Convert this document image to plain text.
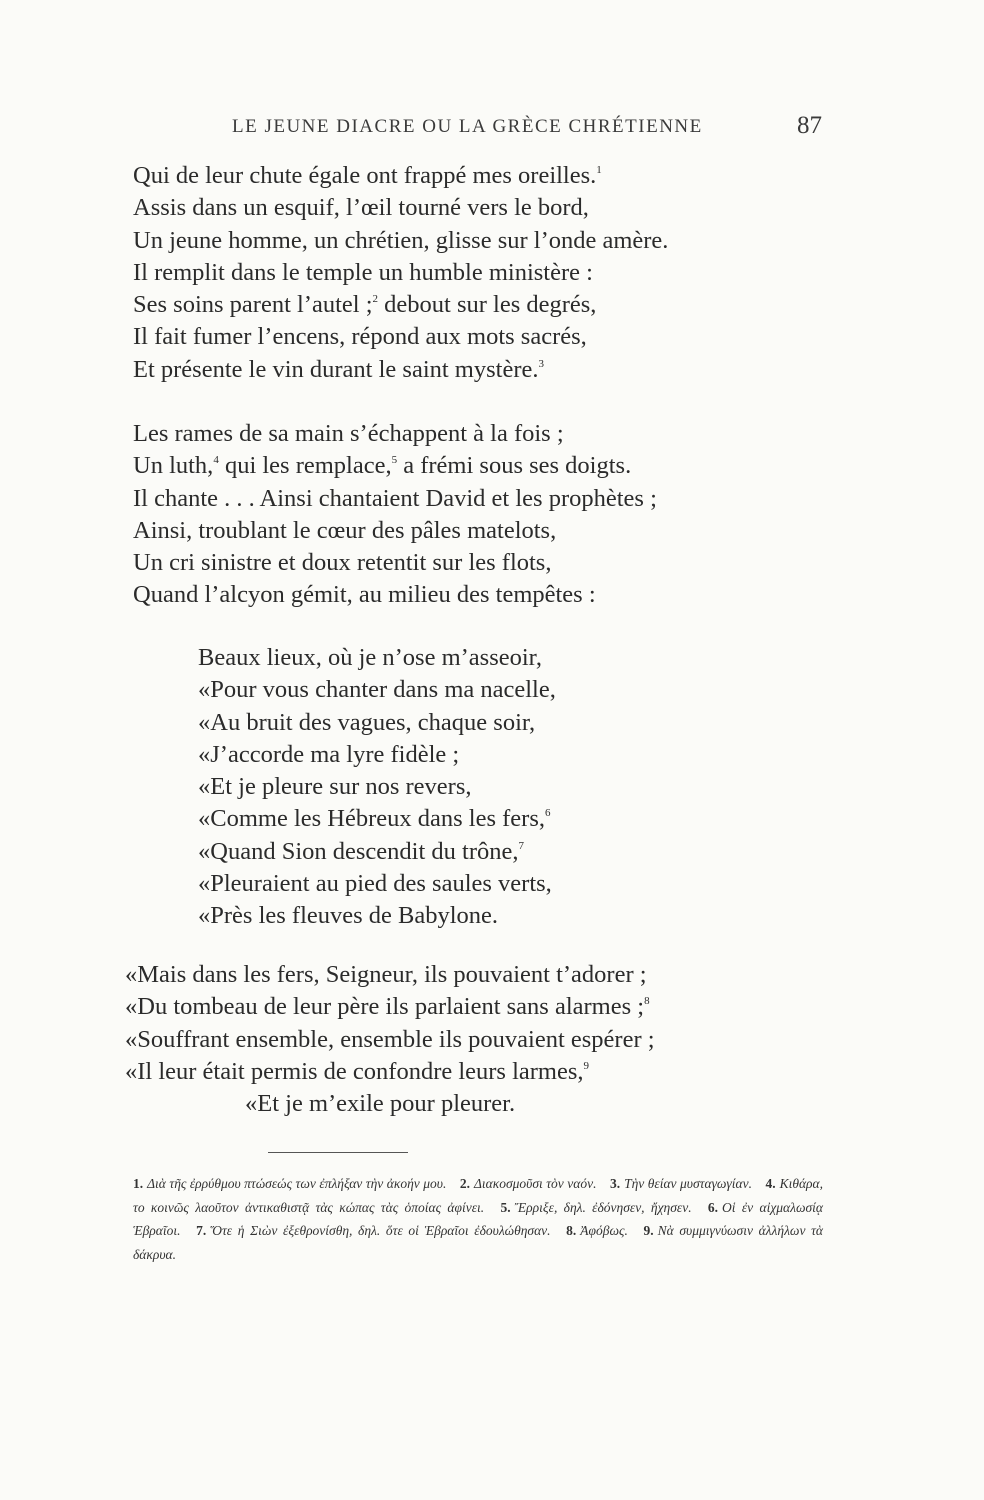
LE JEUNE DIACRE OU LA GRÈCE CHRÉTIENNE	87
Qui de leur chute égale ont frappé mes oreilles.$^1$
Assis dans un esquif, l’œil tourné vers le bord,
Un jeune homme, un chrétien, glisse sur l’onde amère.
Il remplit dans le temple un humble ministère :
Ses soins parent l’autel ;$^2$ debout sur les degrés,
Il fait fumer l’encens, répond aux mots sacrés,
Et présente le vin durant le saint mystère.$^3$
Les rames de sa main s’échappent à la fois ;
Un luth,$^4$ qui les remplace,$^5$ a frémi sous ses doigts.
Il chante . . . Ainsi chantaient David et les prophètes ;
Ainsi, troublant le cœur des pâles matelots,
Un cri sinistre et doux retentit sur les flots,
Quand l’alcyon gémit, au milieu des tempêtes :
Beaux lieux, où je n’ose m’asseoir,
«Pour vous chanter dans ma nacelle,
«Au bruit des vagues, chaque soir,
«J’accorde ma lyre fidèle ;
«Et je pleure sur nos revers,
«Comme les Hébreux dans les fers,$^6$
«Quand Sion descendit du trône,$^7$
«Pleuraient au pied des saules verts,
«Près les fleuves de Babylone.
«Mais dans les fers, Seigneur, ils pouvaient t’adorer ;
«Du tombeau de leur père ils parlaient sans alarmes ;$^8$
«Souffrant ensemble, ensemble ils pouvaient espérer ;
«Il leur était permis de confondre leurs larmes,$^9$
«Et je m’exile pour pleurer.
1. Διὰ τῆς ἐρρύθμου πτώσεώς των ἐπλήξαν τὴν ἀκοήν μου. 2. Διακοσμοῦσι τὸν ναόν. 3. Τὴν θείαν μυσταγωγίαν. 4. Κιθάρα, το κοινῶς λαοῦτον ἀντικαθιστᾷ τὰς κώπας τὰς ὁποίας ἀφίνει. 5. Ἔρριξε, δηλ. ἐδόνησεν, ἤχησεν. 6. Οἱ ἐν αἰχμαλωσίᾳ Ἑβραῖοι. 7. Ὅτε ἡ Σιὼν ἐξεθρονίσθη, δηλ. ὅτε οἱ Ἑβραῖοι ἐδουλώθησαν. 8. Ἀφόβως. 9. Νὰ συμμιγνύωσιν ἀλλήλων τὰ δάκρυα.
